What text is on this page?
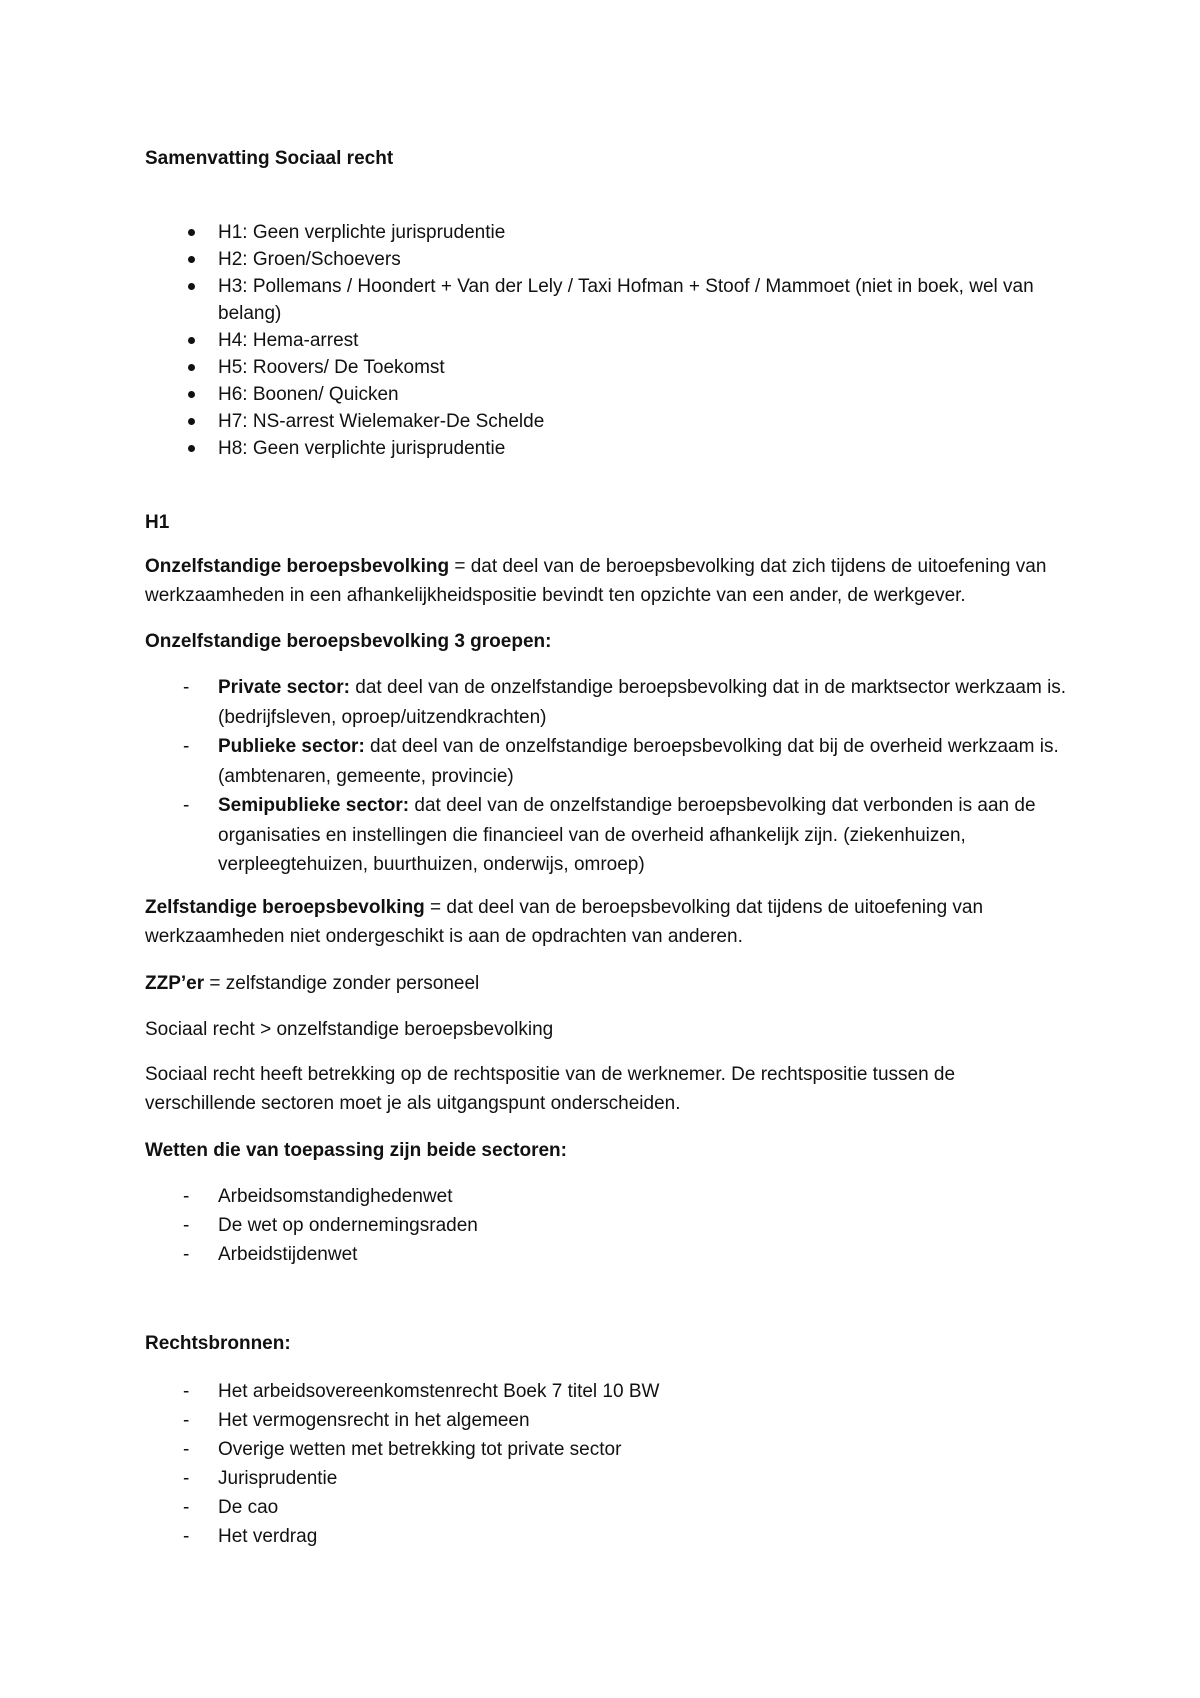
Samenvatting Sociaal recht
H1: Geen verplichte jurisprudentie
H2: Groen/Schoevers
H3: Pollemans / Hoondert + Van der Lely / Taxi Hofman + Stoof / Mammoet (niet in boek, wel van belang)
H4: Hema-arrest
H5: Roovers/ De Toekomst
H6: Boonen/ Quicken
H7: NS-arrest Wielemaker-De Schelde
H8: Geen verplichte jurisprudentie
H1
Onzelfstandige beroepsbevolking = dat deel van de beroepsbevolking dat zich tijdens de uitoefening van werkzaamheden in een afhankelijkheidspositie bevindt ten opzichte van een ander, de werkgever.
Onzelfstandige beroepsbevolking 3 groepen:
- Private sector: dat deel van de onzelfstandige beroepsbevolking dat in de marktsector werkzaam is. (bedrijfsleven, oproep/uitzendkrachten)
- Publieke sector: dat deel van de onzelfstandige beroepsbevolking dat bij de overheid werkzaam is. (ambtenaren, gemeente, provincie)
- Semipublieke sector: dat deel van de onzelfstandige beroepsbevolking dat verbonden is aan de organisaties en instellingen die financieel van de overheid afhankelijk zijn. (ziekenhuizen, verpleegtehuizen, buurthuizen, onderwijs, omroep)
Zelfstandige beroepsbevolking = dat deel van de beroepsbevolking dat tijdens de uitoefening van werkzaamheden niet ondergeschikt is aan de opdrachten van anderen.
ZZP’er = zelfstandige zonder personeel
Sociaal recht > onzelfstandige beroepsbevolking
Sociaal recht heeft betrekking op de rechtspositie van de werknemer. De rechtspositie tussen de verschillende sectoren moet je als uitgangspunt onderscheiden.
Wetten die van toepassing zijn beide sectoren:
- Arbeidsomstandighedenwet
- De wet op ondernemingsraden
- Arbeidstijdenwet
Rechtsbronnen:
- Het arbeidsovereenkomstenrecht Boek 7 titel 10 BW
- Het vermogensrecht in het algemeen
- Overige wetten met betrekking tot private sector
- Jurisprudentie
- De cao
- Het verdrag
